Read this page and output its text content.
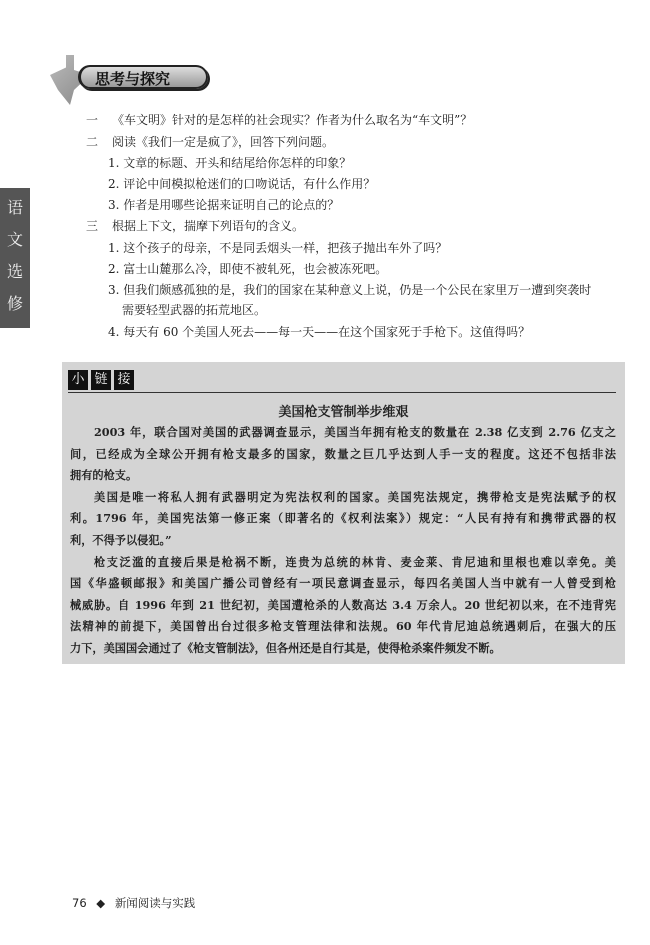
思考与探究
语
文
选
修
一 《车文明》针对的是怎样的社会现实？作者为什么取名为“车文明”？
二 阅读《我们一定是疯了》，回答下列问题。
1. 文章的标题、开头和结尾给你怎样的印象？
2. 评论中间模拟枪迷们的口吻说话，有什么作用？
3. 作者是用哪些论据来证明自己的论点的？
三 根据上下文，揣摩下列语句的含义。
1. 这个孩子的母亲，不是同丢烟头一样，把孩子抛出车外了吗？
2. 富士山麓那么冷，即使不被轧死，也会被冻死吧。
3. 但我们颇感孤独的是，我们的国家在某种意义上说，仍是一个公民在家里万一遭到突袭时
需要轻型武器的拓荒地区。
4. 每天有 60 个美国人死去——每一天——在这个国家死于手枪下。这值得吗？
小 链 接
美国枪支管制举步维艰
2003 年，联合国对美国的武器调查显示，美国当年拥有枪支的数量在 2.38 亿支到 2.76 亿支之
间，已经成为全球公开拥有枪支最多的国家，数量之巨几乎达到人手一支的程度。这还不包括非法
拥有的枪支。
美国是唯一将私人拥有武器明定为宪法权利的国家。美国宪法规定，携带枪支是宪法赋予的权
利。1796 年，美国宪法第一修正案（即著名的《权利法案》）规定：“人民有持有和携带武器的权
利，不得予以侵犯。”
枪支泛滥的直接后果是枪祸不断，连贵为总统的林肯、麦金莱、肯尼迪和里根也难以幸免。美
国《华盛顿邮报》和美国广播公司曾经有一项民意调查显示，每四名美国人当中就有一人曾受到枪
械威胁。自 1996 年到 21 世纪初，美国遭枪杀的人数高达 3.4 万余人。20 世纪初以来，在不违背宪
法精神的前提下，美国曾出台过很多枪支管理法律和法规。60 年代肯尼迪总统遇刺后，在强大的压
力下，美国国会通过了《枪支管制法》，但各州还是自行其是，使得枪杀案件频发不断。
76 ◆ 新闻阅读与实践
